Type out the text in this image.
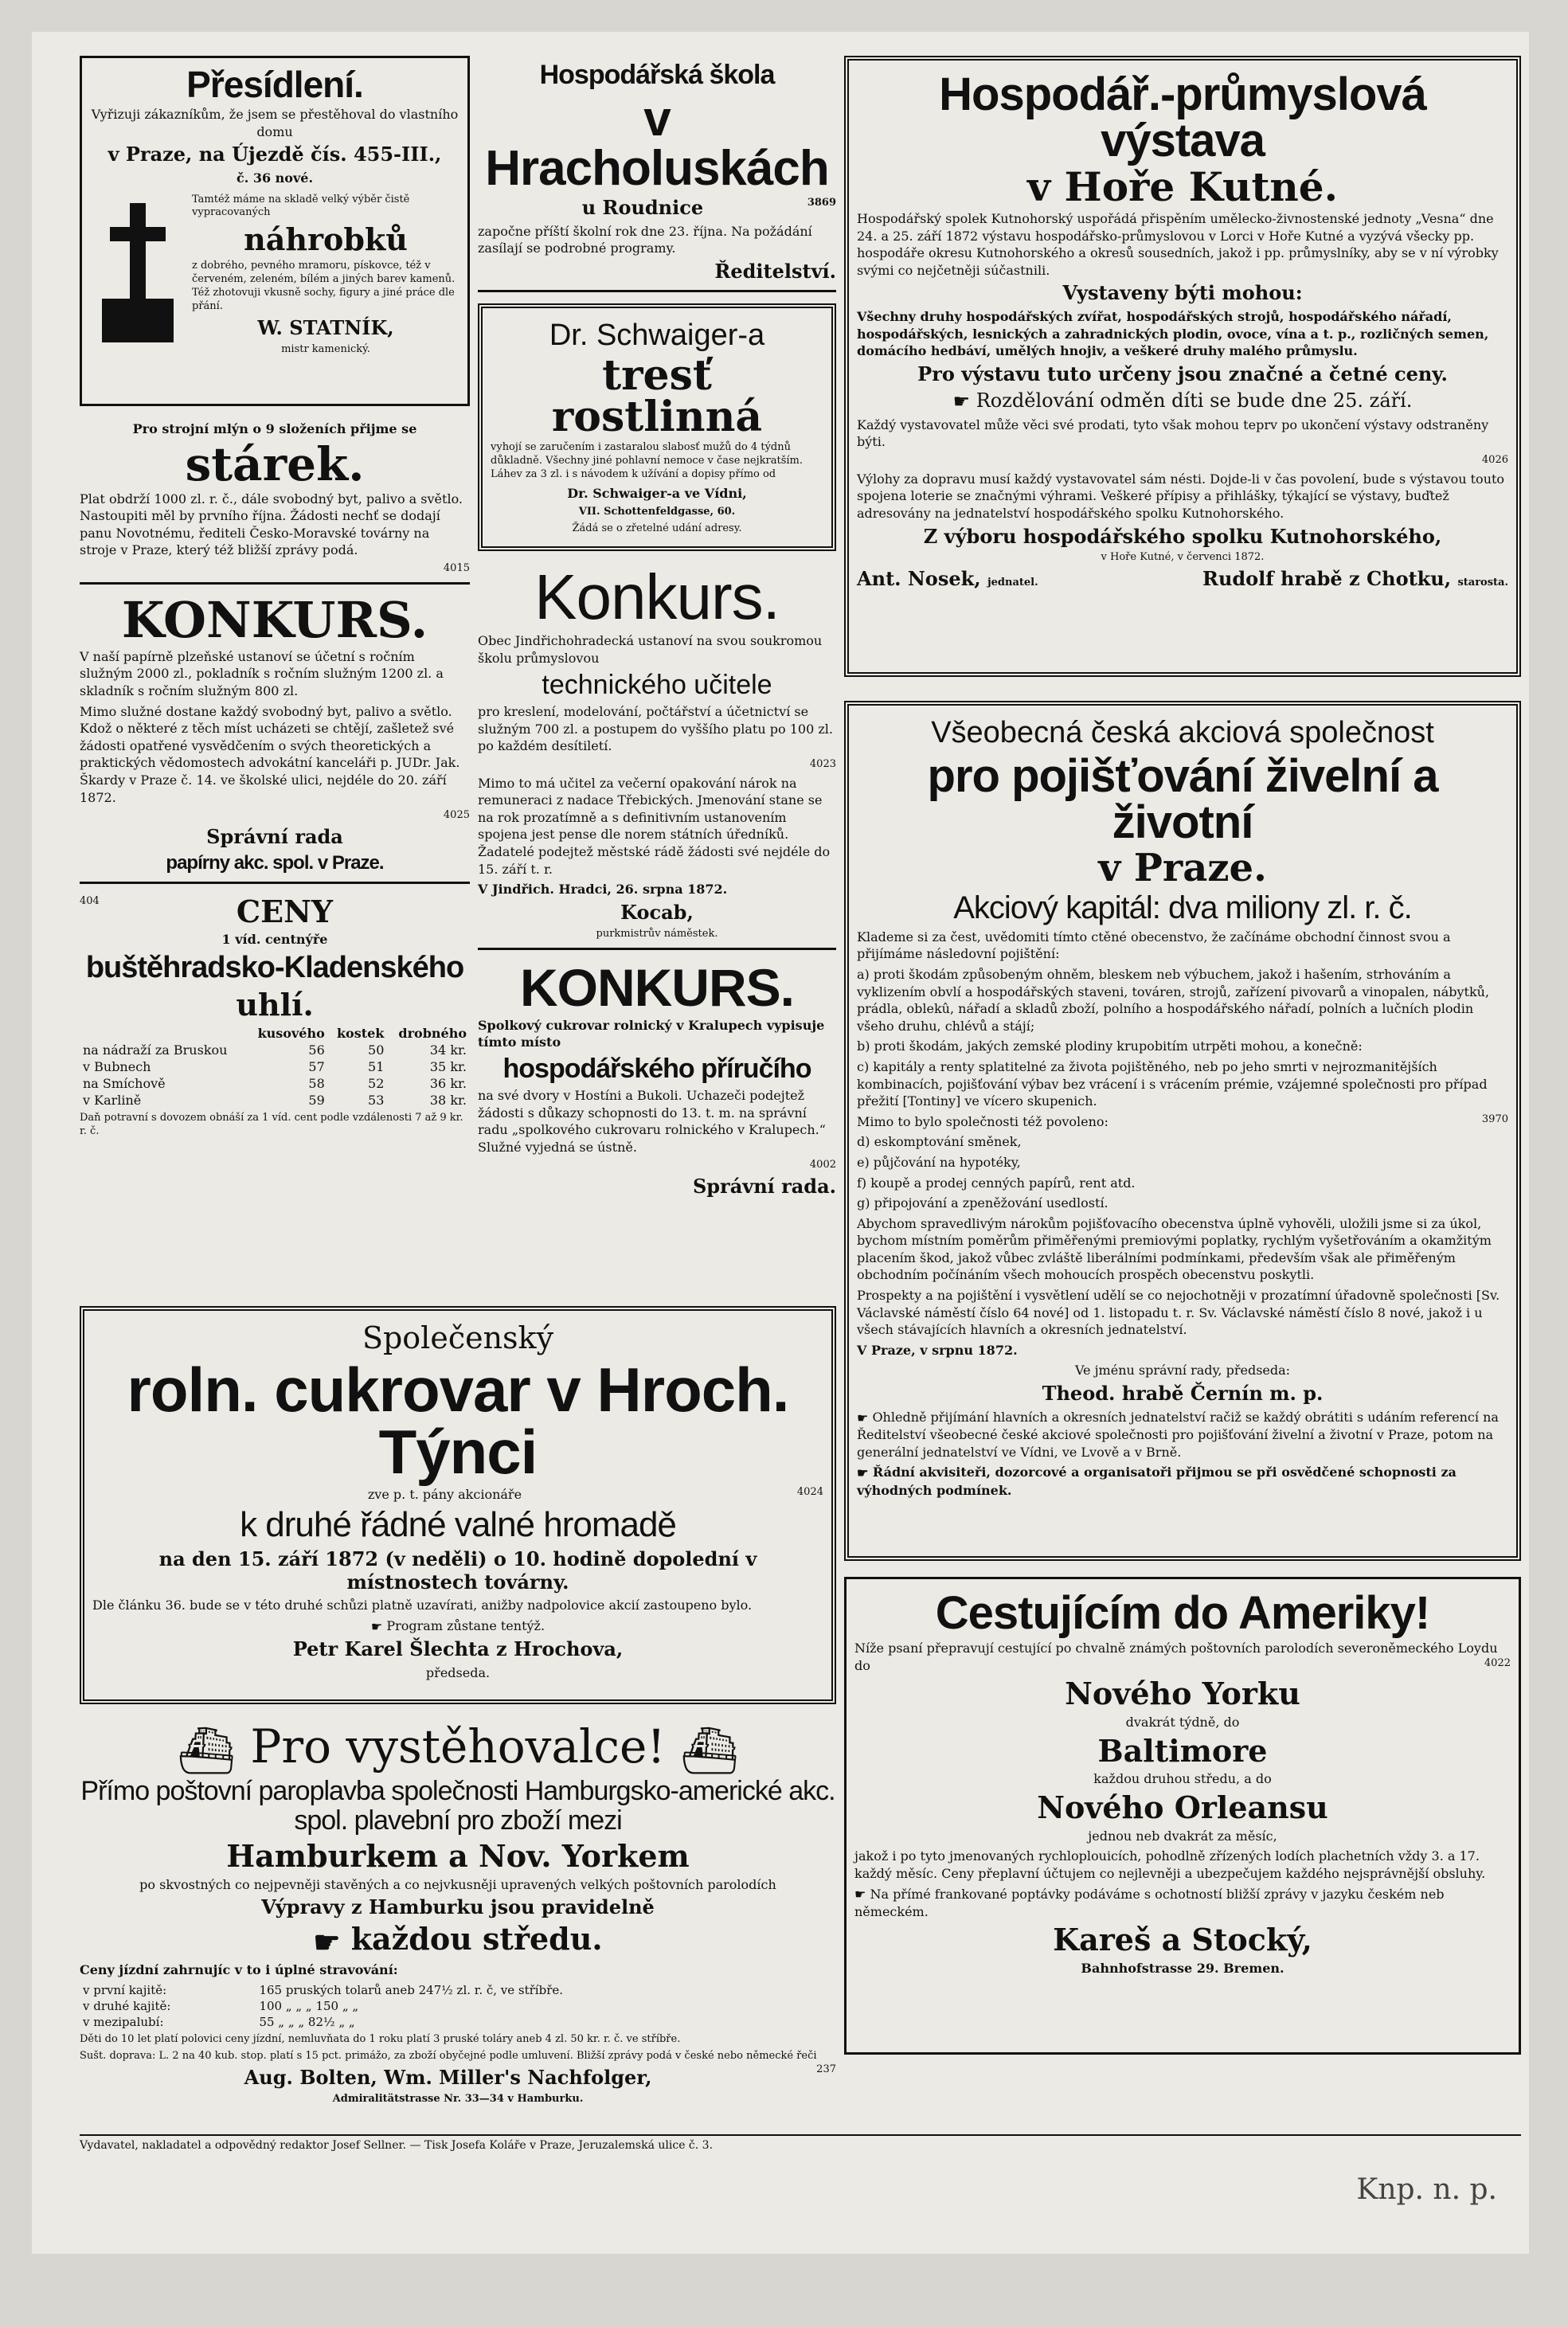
Přesídlení.

Vyřizuji zákazníkům, že jsem se přestěhoval do vlastního domu

v Praze, na Újezdě čís. 455-III.,

č. 36 nové.

Tamtéž máme na skladě velký výběr čistě vypracovaných

náhrobků

z dobrého, pevného mramoru, pískovce, též v červeném, zeleném, bílém a jiných barev kamenů. Též zhotovuji vkusně sochy, figury a jiné práce dle přání.

W. STATNÍK,

mistr kamenický.

Pro strojní mlýn o 9 složeních přijme se

stárek.

Plat obdrží 1000 zl. r. č., dále svobodný byt, palivo a světlo. Nastoupiti měl by prvního října. Žádosti nechť se dodají panu Novotnému, řediteli Česko-Moravské továrny na stroje v Praze, který též bližší zprávy podá.

4015

KONKURS.

V naší papírně plzeňské ustanoví se účetní s ročním služným 2000 zl., pokladník s ročním služným 1200 zl. a skladník s ročním služným 800 zl.

Mimo služné dostane každý svobodný byt, palivo a světlo. Kdož o některé z těch míst ucházeti se chtějí, zašletež své žádosti opatřené vysvědčením o svých theoretických a praktických vědomostech advokátní kanceláři p. JUDr. Jak. Škardy v Praze č. 14. ve školské ulici, nejdéle do 20. září 1872.

4025

Správní rada

papírny akc. spol. v Praze.

404	CENY

1 víd. centnýře

buštěhradsko-Kladenského

uhlí.

	kusového	kostek	drobného
na nádraží za Bruskou	56	50	34 kr.
v Bubnech	57	51	35 kr.
na Smíchově	58	52	36 kr.
v Karlině	59	53	38 kr.

Daň potravní s dovozem obnáší za 1 víd. cent podle vzdálenosti 7 až 9 kr. r. č.

Hospodářská škola

v Hracholuskách

u Roudnice	3869

započne příští školní rok dne 23. října. Na požádání zasílají se podrobné programy.

Ředitelství.

Dr. Schwaiger-a

tresť rostlinná

vyhojí se zaručením i zastaralou slabosť mužů do 4 týdnů důkladně. Všechny jiné pohlavní nemoce v čase nejkratším. Láhev za 3 zl. i s návodem k užívání a dopisy přímo od

Dr. Schwaiger-a ve Vídni,

VII. Schottenfeldgasse, 60.

Žádá se o zřetelné udání adresy.

Konkurs.

Obec Jindřichohradecká ustanoví na svou soukromou školu průmyslovou

technického učitele

pro kreslení, modelování, počtářství a účetnictví se služným 700 zl. a postupem do vyššího platu po 100 zl. po každém desítiletí.

4023

Mimo to má učitel za večerní opakování nárok na remuneraci z nadace Třebických. Jmenování stane se na rok prozatímně a s definitivním ustanovením spojena jest pense dle norem státních úředníků. Žadatelé podejtež městské rádě žádosti své nejdéle do 15. září t. r.

V Jindřich. Hradci, 26. srpna 1872.

Kocab,

purkmistrův náměstek.

KONKURS.

Spolkový cukrovar rolnický v Kralupech vypisuje tímto místo

hospodářského příručího

na své dvory v Hostíni a Bukoli. Uchazeči podejtež žádosti s důkazy schopnosti do 13. t. m. na správní radu „spolkového cukrovaru rolnického v Kralupech.“ Služné vyjedná se ústně.

4002

Správní rada.

Hospodář.-průmyslová výstava

v Hoře Kutné.

Hospodářský spolek Kutnohorský uspořádá přispěním umělecko-živnostenské jednoty „Vesna“ dne 24. a 25. září 1872 výstavu hospodářsko-průmyslovou v Lorci v Hoře Kutné a vyzývá všecky pp. hospodáře okresu Kutnohorského a okresů sousedních, jakož i pp. průmyslníky, aby se v ní výrobky svými co nejčetněji súčastnili.

Vystaveny býti mohou:

Všechny druhy hospodářských zvířat, hospodářských strojů, hospodářského nářadí, hospodářských, lesnických a zahradnických plodin, ovoce, vína a t. p., rozličných semen, domácího hedbáví, umělých hnojiv, a veškeré druhy malého průmyslu.

Pro výstavu tuto určeny jsou značné a četné ceny.

☛ Rozdělování odměn díti se bude dne 25. září.

Každý vystavovatel může věci své prodati, tyto však mohou teprv po ukončení výstavy odstraněny býti.

4026

Výlohy za dopravu musí každý vystavovatel sám nésti. Dojde-li v čas povolení, bude s výstavou touto spojena loterie se značnými výhrami. Veškeré přípisy a přihlášky, týkající se výstavy, buďtež adresovány na jednatelství hospodářského spolku Kutnohorského.

Z výboru hospodářského spolku Kutnohorského,

v Hoře Kutné, v červenci 1872.

Ant. Nosek, jednatel.	Rudolf hrabě z Chotku, starosta.

Všeobecná česká akciová společnost

pro pojišťování živelní a životní

v Praze.

Akciový kapitál: dva miliony zl. r. č.

Klademe si za čest, uvědomiti tímto ctěné obecenstvo, že začínáme obchodní činnost svou a přijímáme následovní pojištění:

a) proti škodám způsobeným ohněm, bleskem neb výbuchem, jakož i hašením, strhováním a vyklizením obvlí a hospodářských staveni, továren, strojů, zařízení pivovarů a vinopalen, nábytků, prádla, oblekû, nářadí a skladů zboží, polního a hospodářského nářadí, polních a lučních plodin všeho druhu, chlévů a stájí;

b) proti škodám, jakých zemské plodiny krupobitím utrpěti mohou, a konečně:

c) kapitály a renty splatitelné za života pojištěného, neb po jeho smrti v nejrozmanitějších kombinacích, pojišťování výbav bez vrácení i s vrácením prémie, vzájemné společnosti pro případ přežití [Tontiny] ve vícero skupenich.

Mimo to bylo společnosti též povoleno:	3970

d) eskomptování směnek,

e) půjčování na hypotéky,

f) koupě a prodej cenných papírů, rent atd.

g) připojování a zpeněžování usedlostí.

Abychom spravedlivým nárokům pojišťovacího obecenstva úplně vyhověli, uložili jsme si za úkol, bychom místním poměrům přiměřenými premiovými poplatky, rychlým vyšetřováním a okamžitým placením škod, jakož vůbec zvláště liberálními podmínkami, především však ale přiměřeným obchodním počínáním všech mohoucích prospěch obecenstvu poskytli.

Prospekty a na pojištění i vysvětlení udělí se co nejochotněji v prozatímní úřadovně společnosti [Sv. Václavské náměstí číslo 64 nové] od 1. listopadu t. r. Sv. Václavské náměstí číslo 8 nové, jakož i u všech stávajících hlavních a okresních jednatelství.

V Praze, v srpnu 1872.

Ve jménu správní rady, předseda:

Theod. hrabě Černín m. p.

☛ Ohledně přijímání hlavních a okresních jednatelství račiž se každý obrátiti s udáním referencí na Ředitelství všeobecné české akciové společnosti pro pojišťování živelní a životní v Praze, potom na generální jednatelství ve Vídni, ve Lvově a v Brně.

☛ Řádní akvisiteři, dozorcové a organisatoři přijmou se při osvědčené schopnosti za výhodných podmínek.

Cestujícím do Ameriky!

Níže psaní přepravují cestující po chvalně známých poštovních parolodích severoněmeckého Loydu do	4022

Nového Yorku

dvakrát týdně, do

Baltimore

každou druhou středu, a do

Nového Orleansu

jednou neb dvakrát za měsíc,

jakož i po tyto jmenovaných rychloplouicích, pohodlně zřízených lodích plachetních vždy 3. a 17. každý měsíc. Ceny přeplavní účtujem co nejlevněji a ubezpečujem každého nejsprávnější obsluhy.

☛ Na přímé frankované poptávky podáváme s ochotností bližší zprávy v jazyku českém neb německém.

Kareš a Stocký,

Bahnhofstrasse 29. Bremen.

Společenský

roln. cukrovar v Hroch. Týnci

zve p. t. pány akcionáře	4024

k druhé řádné valné hromadě

na den 15. září 1872 (v neděli) o 10. hodině dopolední v místnostech továrny.

Dle článku 36. bude se v této druhé schůzi platně uzavírati, anižby nadpolovice akcií zastoupeno bylo.

☛ Program zůstane tentýž.

Petr Karel Šlechta z Hrochova,

předseda.

⛴ Pro vystěhovalce! ⛴

Přímo poštovní paroplavba společnosti Hamburgsko-americké akc. spol. plavební pro zboží mezi

Hamburkem a Nov. Yorkem

po skvostných co nejpevněji stavěných a co nejvkusněji upravených velkých poštovních parolodích

Výpravy z Hamburku jsou pravidelně

☛ každou středu.

Ceny jízdní zahrnujíc v to i úplné stravování:

v první kajitě:	165 pruských tolarů aneb 247½ zl. r. č, ve stříbře.
v druhé kajitě:	100 „ „ „ 150 „ „
v mezipalubí:	55 „ „ „ 82½ „ „

Děti do 10 let platí polovici ceny jízdní, nemluvňata do 1 roku platí 3 pruské toláry aneb 4 zl. 50 kr. r. č. ve stříbře.

Sušt. doprava: L. 2 na 40 kub. stop. platí s 15 pct. primážo, za zboží obyčejné podle umluvení. Bližší zprávy podá v české nebo německé řeči
237

Aug. Bolten, Wm. Miller's Nachfolger,

Admiralitätstrasse Nr. 33—34 v Hamburku.

Vydavatel, nakladatel a odpovědný redaktor Josef Sellner. — Tisk Josefa Koláře v Praze, Jeruzalemská ulice č. 3.
Knp. n. p.
